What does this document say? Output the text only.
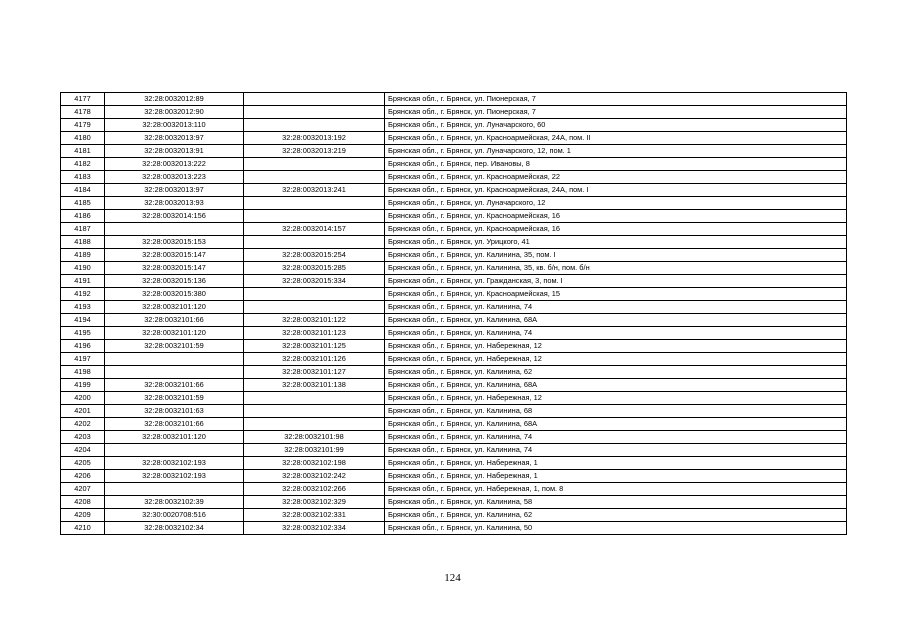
4177	32:28:0032012:89		Брянская обл., г. Брянск, ул. Пионерская, 7
4178	32:28:0032012:90		Брянская обл., г. Брянск, ул. Пионерская, 7
4179	32:28:0032013:110		Брянская обл., г. Брянск, ул. Луначарского, 60
4180	32:28:0032013:97	32:28:0032013:192	Брянская обл., г. Брянск, ул. Красноармейская, 24А, пом. II
4181	32:28:0032013:91	32:28:0032013:219	Брянская обл., г. Брянск, ул. Луначарского, 12, пом. 1
4182	32:28:0032013:222		Брянская обл., г. Брянск, пер. Ивановы, 8
4183	32:28:0032013:223		Брянская обл., г. Брянск, ул. Красноармейская, 22
4184	32:28:0032013:97	32:28:0032013:241	Брянская обл., г. Брянск, ул. Красноармейская, 24А, пом. I
4185	32:28:0032013:93		Брянская обл., г. Брянск, ул. Луначарского, 12
4186	32:28:0032014:156		Брянская обл., г. Брянск, ул. Красноармейская, 16
4187		32:28:0032014:157	Брянская обл., г. Брянск, ул. Красноармейская, 16
4188	32:28:0032015:153		Брянская обл., г. Брянск, ул. Урицкого, 41
4189	32:28:0032015:147	32:28:0032015:254	Брянская обл., г. Брянск, ул. Калинина, 35, пом. I
4190	32:28:0032015:147	32:28:0032015:285	Брянская обл., г. Брянск, ул. Калинина, 35, кв. б/н, пом. б/н
4191	32:28:0032015:136	32:28:0032015:334	Брянская обл., г. Брянск, ул. Гражданская, 3, пом. I
4192	32:28:0032015:380		Брянская обл., г. Брянск, ул. Красноармейская, 15
4193	32:28:0032101:120		Брянская обл., г. Брянск, ул. Калинина, 74
4194	32:28:0032101:66	32:28:0032101:122	Брянская обл., г. Брянск, ул. Калинина, 68А
4195	32:28:0032101:120	32:28:0032101:123	Брянская обл., г. Брянск, ул. Калинина, 74
4196	32:28:0032101:59	32:28:0032101:125	Брянская обл., г. Брянск, ул. Набережная, 12
4197		32:28:0032101:126	Брянская обл., г. Брянск, ул. Набережная, 12
4198		32:28:0032101:127	Брянская обл., г. Брянск, ул. Калинина, 62
4199	32:28:0032101:66	32:28:0032101:138	Брянская обл., г. Брянск, ул. Калинина, 68А
4200	32:28:0032101:59		Брянская обл., г. Брянск, ул. Набережная, 12
4201	32:28:0032101:63		Брянская обл., г. Брянск, ул. Калинина, 68
4202	32:28:0032101:66		Брянская обл., г. Брянск, ул. Калинина, 68А
4203	32:28:0032101:120	32:28:0032101:98	Брянская обл., г. Брянск, ул. Калинина, 74
4204		32:28:0032101:99	Брянская обл., г. Брянск, ул. Калинина, 74
4205	32:28:0032102:193	32:28:0032102:198	Брянская обл., г. Брянск, ул. Набережная, 1
4206	32:28:0032102:193	32:28:0032102:242	Брянская обл., г. Брянск, ул. Набережная, 1
4207		32:28:0032102:266	Брянская обл., г. Брянск, ул. Набережная, 1, пом. 8
4208	32:28:0032102:39	32:28:0032102:329	Брянская обл., г. Брянск, ул. Калинина, 58
4209	32:30:0020708:516	32:28:0032102:331	Брянская обл., г. Брянск, ул. Калинина, 62
4210	32:28:0032102:34	32:28:0032102:334	Брянская обл., г. Брянск, ул. Калинина, 50
124
